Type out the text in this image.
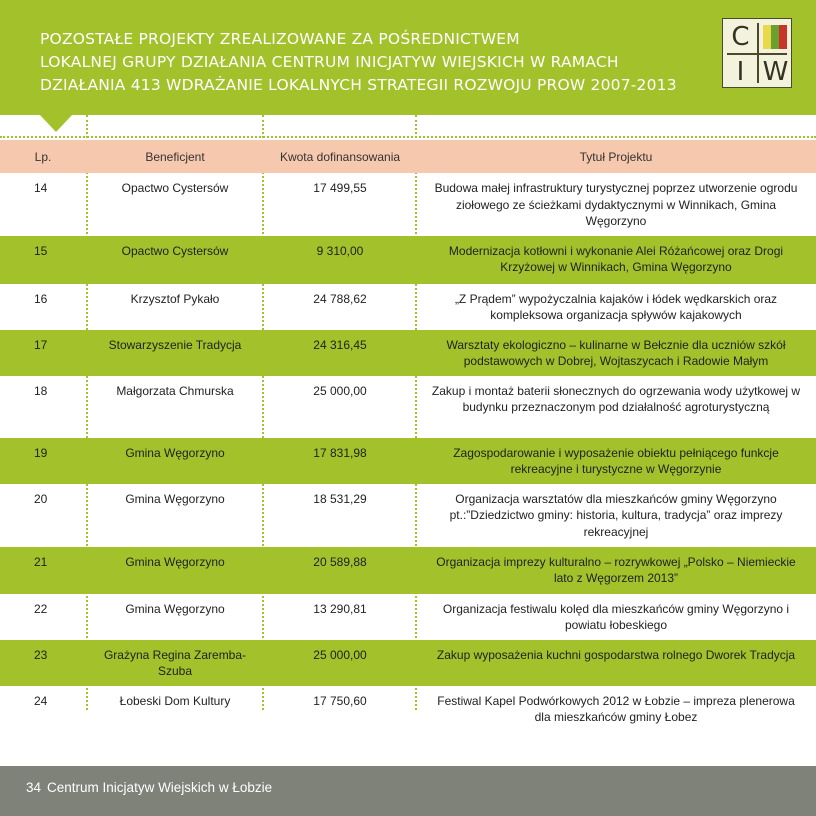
POZOSTAŁE PROJEKTY ZREALIZOWANE ZA POŚREDNICTWEM
LOKALNEJ GRUPY DZIAŁANIA CENTRUM INICJATYW WIEJSKICH W RAMACH
DZIAŁANIA 413 WDRAŻANIE LOKALNYCH STRATEGII ROZWOJU PROW 2007-2013
C
I W
Lp.	Beneficjent	Kwota dofinansowania	Tytuł Projektu
14	Opactwo Cystersów	17 499,55	Budowa małej infrastruktury turystycznej poprzez utworzenie ogrodu ziołowego ze ścieżkami dydaktycznymi w Winnikach, Gmina Węgorzyno
15	Opactwo Cystersów	9 310,00	Modernizacja kotłowni i wykonanie Alei Różańcowej oraz Drogi Krzyżowej w Winnikach, Gmina Węgorzyno
16	Krzysztof Pykało	24 788,62	„Z Prądem” wypożyczalnia kajaków i łódek wędkarskich oraz kompleksowa organizacja spływów kajakowych
17	Stowarzyszenie Tradycja	24 316,45	Warsztaty ekologiczno – kulinarne w Bełcznie dla uczniów szkół podstawowych w Dobrej, Wojtaszycach i Radowie Małym
18	Małgorzata Chmurska	25 000,00	Zakup i montaż baterii słonecznych do ogrzewania wody użytkowej w budynku przeznaczonym pod działalność agroturystyczną
19	Gmina Węgorzyno	17 831,98	Zagospodarowanie i wyposażenie obiektu pełniącego funkcje rekreacyjne i turystyczne w Węgorzynie
20	Gmina Węgorzyno	18 531,29	Organizacja warsztatów dla mieszkańców gminy Węgorzyno pt.:”Dziedzictwo gminy: historia, kultura, tradycja” oraz imprezy rekreacyjnej
21	Gmina Węgorzyno	20 589,88	Organizacja imprezy kulturalno – rozrywkowej „Polsko – Niemieckie lato z Węgorzem 2013”
22	Gmina Węgorzyno	13 290,81	Organizacja festiwalu kolęd dla mieszkańców gminy Węgorzyno i powiatu łobeskiego
23	Grażyna Regina Zaremba-Szuba	25 000,00	Zakup wyposażenia kuchni gospodarstwa rolnego Dworek Tradycja
24	Łobeski Dom Kultury	17 750,60	Festiwal Kapel Podwórkowych 2012 w Łobzie – impreza plenerowa dla mieszkańców gminy Łobez
34 Centrum Inicjatyw Wiejskich w Łobzie
